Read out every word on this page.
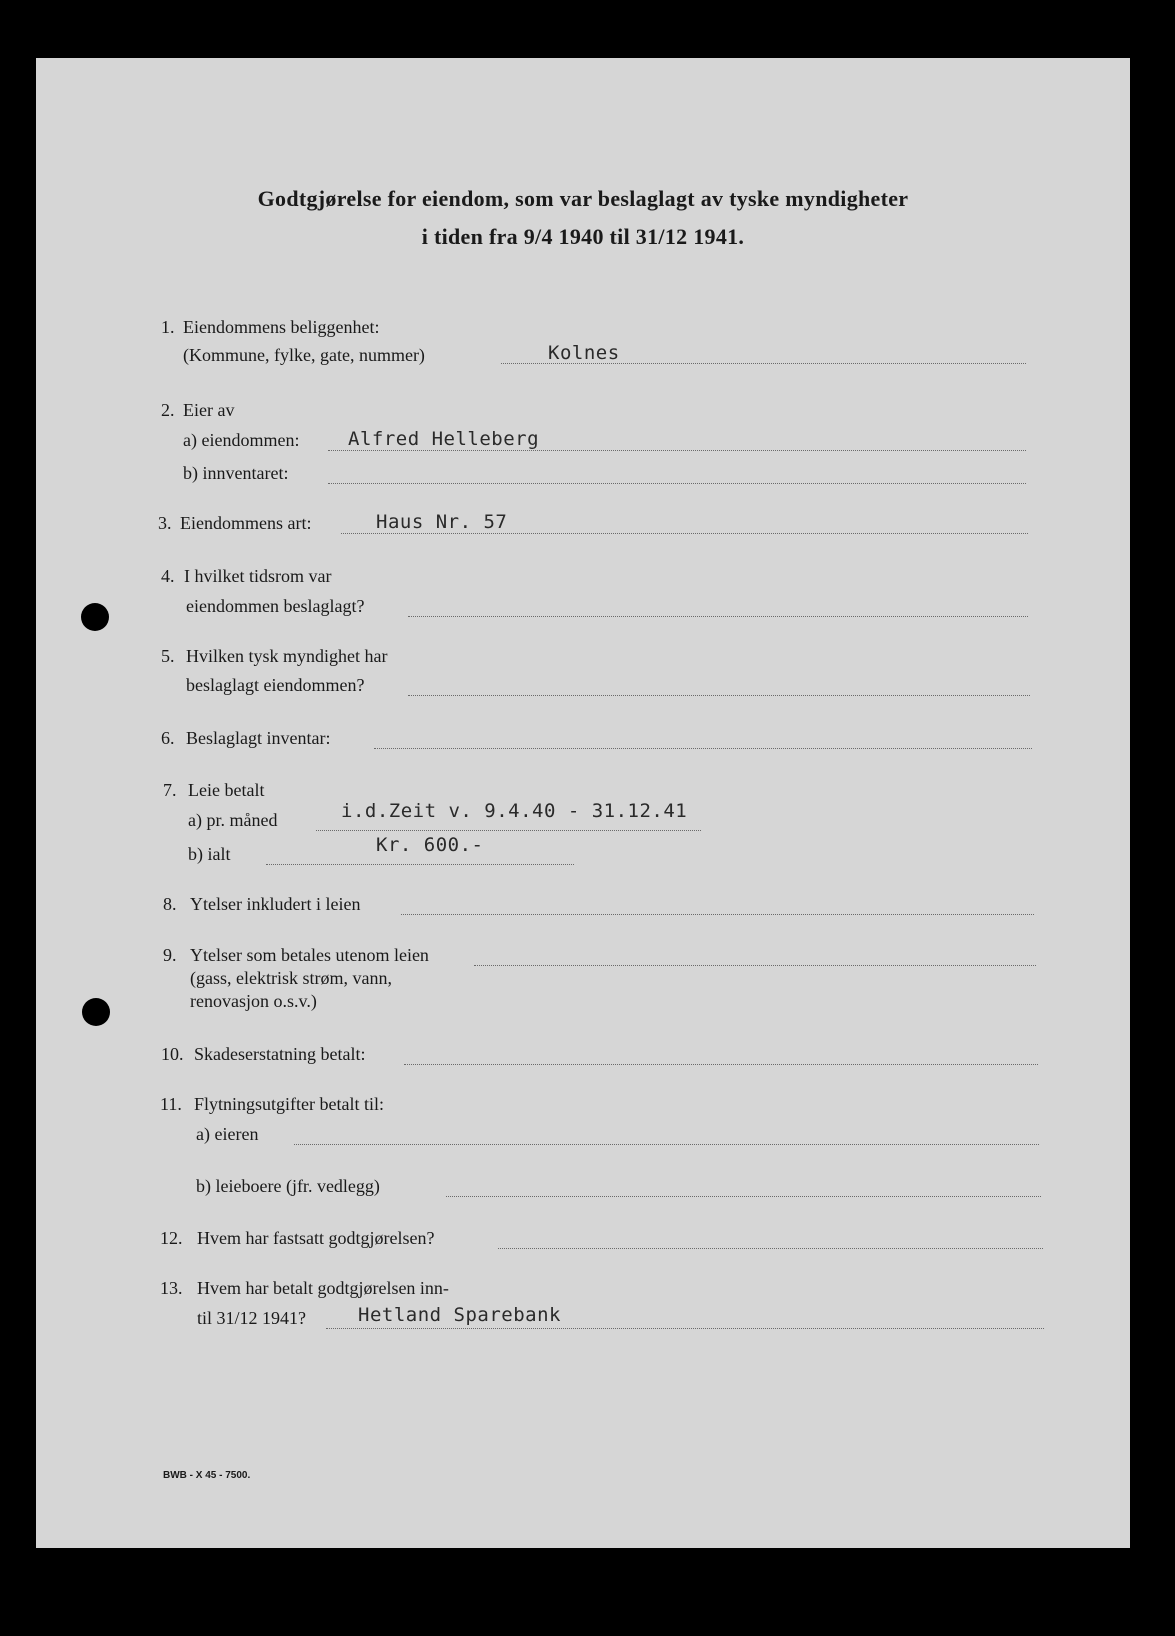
Godtgjørelse for eiendom, som var beslaglagt av tyske myndigheter
i tiden fra 9/4 1940 til 31/12 1941.
1. Eiendommens beliggenhet:
(Kommune, fylke, gate, nummer)	Kolnes
2. Eier av
a) eiendommen:	Alfred Helleberg
b) innventaret:
3. Eiendommens art:	Haus Nr. 57
4. I hvilket tidsrom var
eiendommen beslaglagt?
5. Hvilken tysk myndighet har
beslaglagt eiendommen?
6. Beslaglagt inventar:
7. Leie betalt
a) pr. måned	i.d.Zeit v. 9.4.40 - 31.12.41
b) ialt	Kr. 600.-
8. Ytelser inkludert i leien
9. Ytelser som betales utenom leien
(gass, elektrisk strøm, vann,
renovasjon o.s.v.)
10. Skadeserstatning betalt:
11. Flytningsutgifter betalt til:
a) eieren
b) leieboere (jfr. vedlegg)
12. Hvem har fastsatt godtgjørelsen?
13. Hvem har betalt godtgjørelsen inn-
til 31/12 1941?	Hetland Sparebank
BWB - X 45 - 7500.
